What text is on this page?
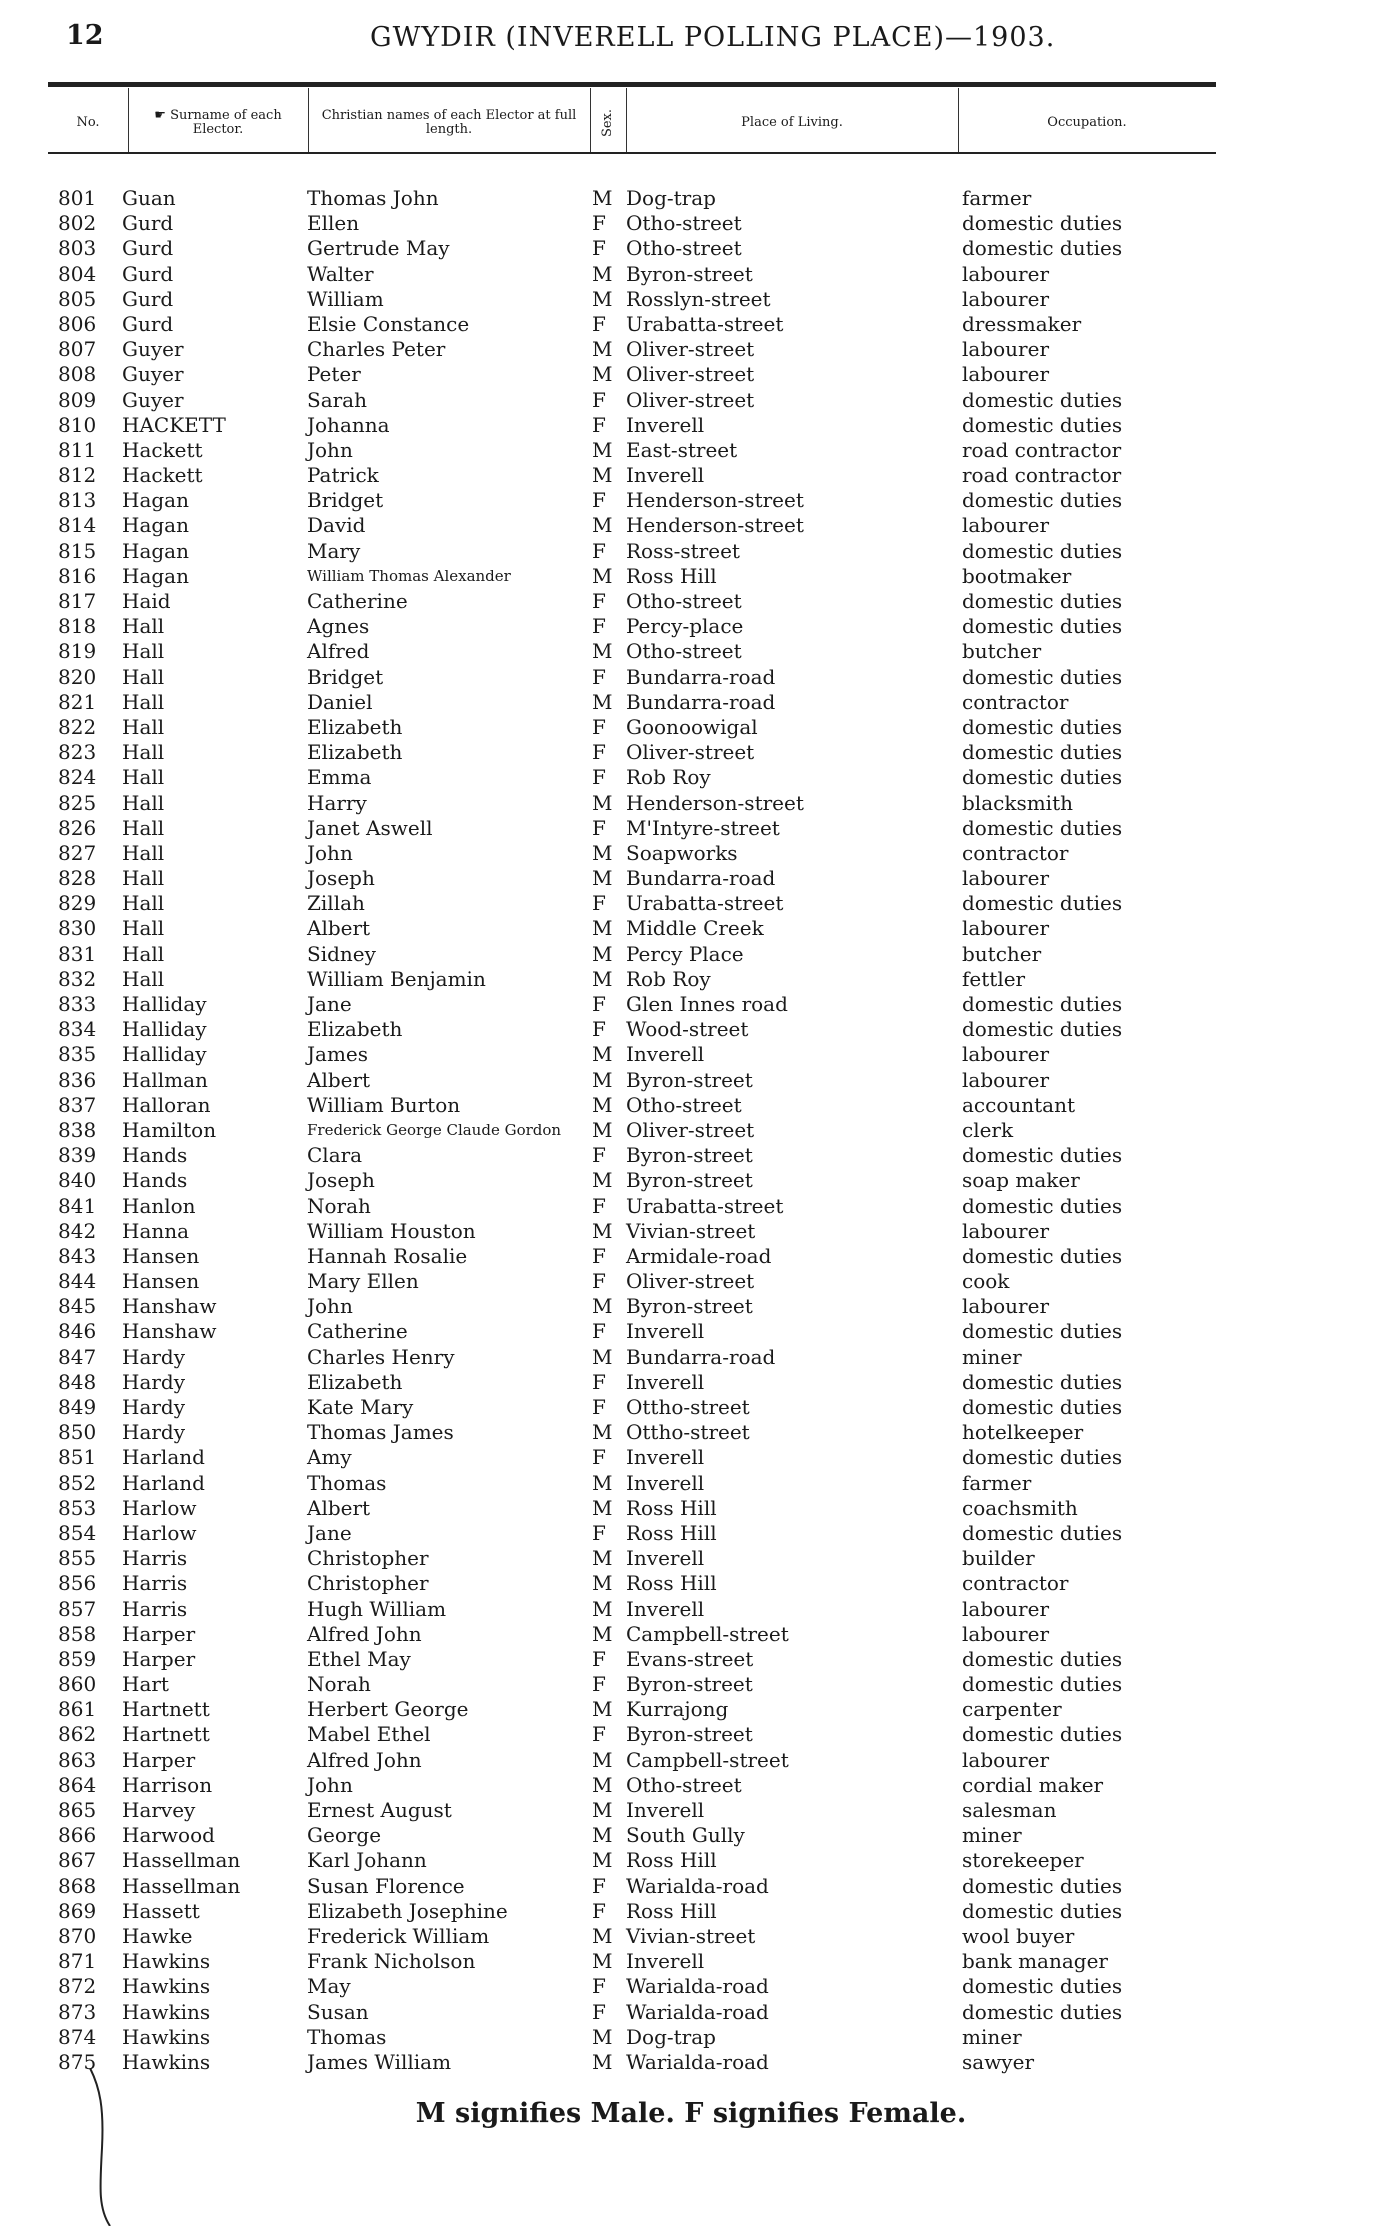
12	GWYDIR (INVERELL POLLING PLACE)—1903.
No.	☛ Surname of each Elector.
Christian names of each Elector at full length.	Sex.	Place of Living.	Occupation.
801 Guan	Thomas John	M Dog-trap	farmer
802 Gurd	Ellen	F Otho-street	domestic duties
803 Gurd	Gertrude May	F Otho-street	domestic duties
804 Gurd	Walter	M Byron-street	labourer
805 Gurd	William	M Rosslyn-street	labourer
806 Gurd	Elsie Constance	F Urabatta-street	dressmaker
807 Guyer	Charles Peter	M Oliver-street	labourer
808 Guyer	Peter	M Oliver-street	labourer
809 Guyer	Sarah	F Oliver-street	domestic duties
810 HACKETT	Johanna	F Inverell	domestic duties
811 Hackett	John	M East-street	road contractor
812 Hackett	Patrick	M Inverell	road contractor
813 Hagan	Bridget	F Henderson-street	domestic duties
814 Hagan	David	M Henderson-street	labourer
815 Hagan	Mary	F Ross-street	domestic duties
816 Hagan	William Thomas Alexander	M Ross Hill	bootmaker
817 Haid	Catherine	F Otho-street	domestic duties
818 Hall	Agnes	F Percy-place	domestic duties
819 Hall	Alfred	M Otho-street	butcher
820 Hall	Bridget	F Bundarra-road	domestic duties
821 Hall	Daniel	M Bundarra-road	contractor
822 Hall	Elizabeth	F Goonoowigal	domestic duties
823 Hall	Elizabeth	F Oliver-street	domestic duties
824 Hall	Emma	F Rob Roy	domestic duties
825 Hall	Harry	M Henderson-street	blacksmith
826 Hall	Janet Aswell	F M'Intyre-street	domestic duties
827 Hall	John	M Soapworks	contractor
828 Hall	Joseph	M Bundarra-road	labourer
829 Hall	Zillah	F Urabatta-street	domestic duties
830 Hall	Albert	M Middle Creek	labourer
831 Hall	Sidney	M Percy Place	butcher
832 Hall	William Benjamin	M Rob Roy	fettler
833 Halliday	Jane	F Glen Innes road	domestic duties
834 Halliday	Elizabeth	F Wood-street	domestic duties
835 Halliday	James	M Inverell	labourer
836 Hallman	Albert	M Byron-street	labourer
837 Halloran	William Burton	M Otho-street	accountant
838 Hamilton	Frederick George Claude Gordon M Oliver-street	clerk
839 Hands	Clara	F Byron-street	domestic duties
840 Hands	Joseph	M Byron-street	soap maker
841 Hanlon	Norah	F Urabatta-street	domestic duties
842 Hanna	William Houston	M Vivian-street	labourer
843 Hansen	Hannah Rosalie	F Armidale-road	domestic duties
844 Hansen	Mary Ellen	F Oliver-street	cook
845 Hanshaw	John	M Byron-street	labourer
846 Hanshaw	Catherine	F Inverell	domestic duties
847 Hardy	Charles Henry	M Bundarra-road	miner
848 Hardy	Elizabeth	F Inverell	domestic duties
849 Hardy	Kate Mary	F Ottho-street	domestic duties
850 Hardy	Thomas James	M Ottho-street	hotelkeeper
851 Harland	Amy	F Inverell	domestic duties
852 Harland	Thomas	M Inverell	farmer
853 Harlow	Albert	M Ross Hill	coachsmith
854 Harlow	Jane	F Ross Hill	domestic duties
855 Harris	Christopher	M Inverell	builder
856 Harris	Christopher	M Ross Hill	contractor
857 Harris	Hugh William	M Inverell	labourer
858 Harper	Alfred John	M Campbell-street	labourer
859 Harper	Ethel May	F Evans-street	domestic duties
860 Hart	Norah	F Byron-street	domestic duties
861 Hartnett	Herbert George	M Kurrajong	carpenter
862 Hartnett	Mabel Ethel	F Byron-street	domestic duties
863 Harper	Alfred John	M Campbell-street	labourer
864 Harrison	John	M Otho-street	cordial maker
865 Harvey	Ernest August	M Inverell	salesman
866 Harwood	George	M South Gully	miner
867 Hassellman	Karl Johann	M Ross Hill	storekeeper
868 Hassellman	Susan Florence	F Warialda-road	domestic duties
869 Hassett	Elizabeth Josephine	F Ross Hill	domestic duties
870 Hawke	Frederick William	M Vivian-street	wool buyer
871 Hawkins	Frank Nicholson	M Inverell	bank manager
872 Hawkins	May	F Warialda-road	domestic duties
873 Hawkins	Susan	F Warialda-road	domestic duties
874 Hawkins	Thomas	M Dog-trap	miner
875 Hawkins	James William	M Warialda-road	sawyer
M signifies Male. F signifies Female.
